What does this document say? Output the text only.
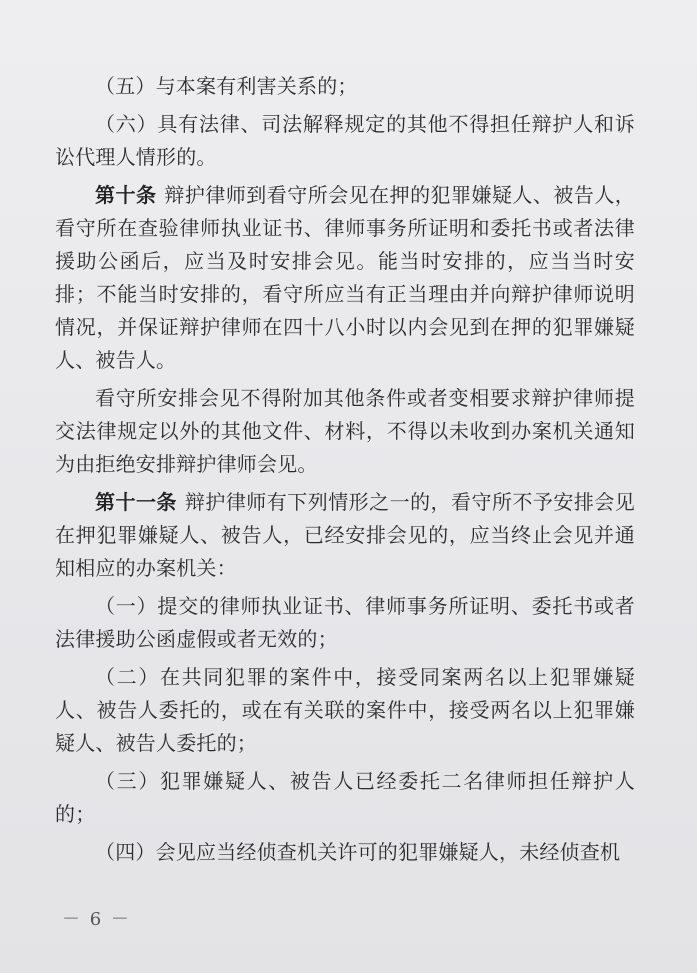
（五）与本案有利害关系的；

（六）具有法律、司法解释规定的其他不得担任辩护人和诉讼代理人情形的。

第十条 辩护律师到看守所会见在押的犯罪嫌疑人、被告人，看守所在查验律师执业证书、律师事务所证明和委托书或者法律援助公函后，应当及时安排会见。能当时安排的，应当当时安排；不能当时安排的，看守所应当有正当理由并向辩护律师说明情况，并保证辩护律师在四十八小时以内会见到在押的犯罪嫌疑人、被告人。

看守所安排会见不得附加其他条件或者变相要求辩护律师提交法律规定以外的其他文件、材料，不得以未收到办案机关通知为由拒绝安排辩护律师会见。

第十一条 辩护律师有下列情形之一的，看守所不予安排会见在押犯罪嫌疑人、被告人，已经安排会见的，应当终止会见并通知相应的办案机关：

（一）提交的律师执业证书、律师事务所证明、委托书或者法律援助公函虚假或者无效的；

（二）在共同犯罪的案件中，接受同案两名以上犯罪嫌疑人、被告人委托的，或在有关联的案件中，接受两名以上犯罪嫌疑人、被告人委托的；

（三）犯罪嫌疑人、被告人已经委托二名律师担任辩护人的；

（四）会见应当经侦查机关许可的犯罪嫌疑人，未经侦查机

－ 6 －
